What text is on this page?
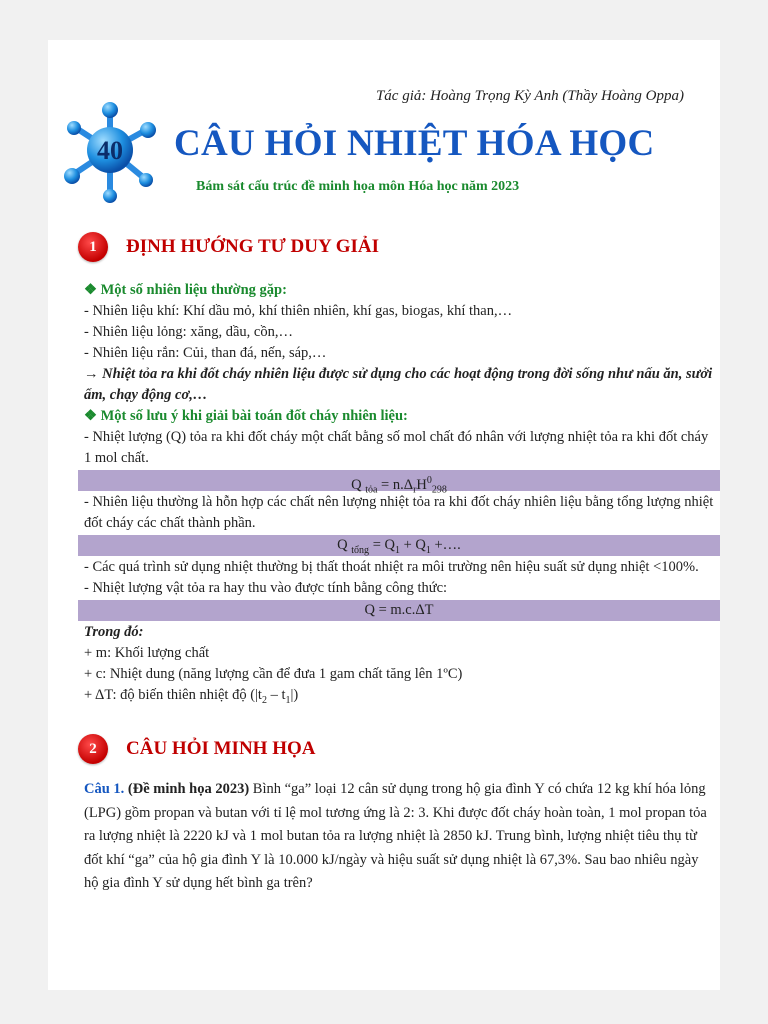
Tác giả: Hoàng Trọng Kỳ Anh (Thầy Hoàng Oppa)
40 CÂU HỎI NHIỆT HÓA HỌC
Bám sát cấu trúc đề minh họa môn Hóa học năm 2023
1	ĐỊNH HƯỚNG TƯ DUY GIẢI
❖ Một số nhiên liệu thường gặp:
- Nhiên liệu khí: Khí dầu mỏ, khí thiên nhiên, khí gas, biogas, khí than,…
- Nhiên liệu lỏng: xăng, dầu, cồn,…
- Nhiên liệu rắn: Củi, than đá, nến, sáp,…
→ Nhiệt tỏa ra khi đốt cháy nhiên liệu được sử dụng cho các hoạt động trong đời sống như nấu ăn, sưởi ấm, chạy động cơ,…
❖ Một số lưu ý khi giải bài toán đốt cháy nhiên liệu:
- Nhiệt lượng (Q) tỏa ra khi đốt cháy một chất bằng số mol chất đó nhân với lượng nhiệt tỏa ra khi đốt cháy 1 mol chất.
Q $_{tỏa} = n.\Delta_rH^0_{298}$
- Nhiên liệu thường là hỗn hợp các chất nên lượng nhiệt tỏa ra khi đốt cháy nhiên liệu bằng tổng lượng nhiệt đốt cháy các chất thành phần.
Q $_{tổng} = Q_1 + Q_1$ +….
- Các quá trình sử dụng nhiệt thường bị thất thoát nhiệt ra môi trường nên hiệu suất sử dụng nhiệt <100%.
- Nhiệt lượng vật tỏa ra hay thu vào được tính bằng công thức:
Q = m.c.ΔT
Trong đó:
+ m: Khối lượng chất
+ c: Nhiệt dung (năng lượng cần để đưa 1 gam chất tăng lên 1ºC)
+ ΔT: độ biến thiên nhiệt độ $(|t_2 - t_1|)$
2	CÂU HỎI MINH HỌA
Câu 1. (Đề minh họa 2023) Bình “ga” loại 12 cân sử dụng trong hộ gia đình Y có chứa 12 kg khí hóa lỏng (LPG) gồm propan và butan với tỉ lệ mol tương ứng là 2: 3. Khi được đốt cháy hoàn toàn, 1 mol propan tỏa ra lượng nhiệt là 2220 kJ và 1 mol butan tỏa ra lượng nhiệt là 2850 kJ. Trung bình, lượng nhiệt tiêu thụ từ đốt khí “ga” của hộ gia đình Y là 10.000 kJ/ngày và hiệu suất sử dụng nhiệt là 67,3%. Sau bao nhiêu ngày hộ gia đình Y sử dụng hết bình ga trên?
